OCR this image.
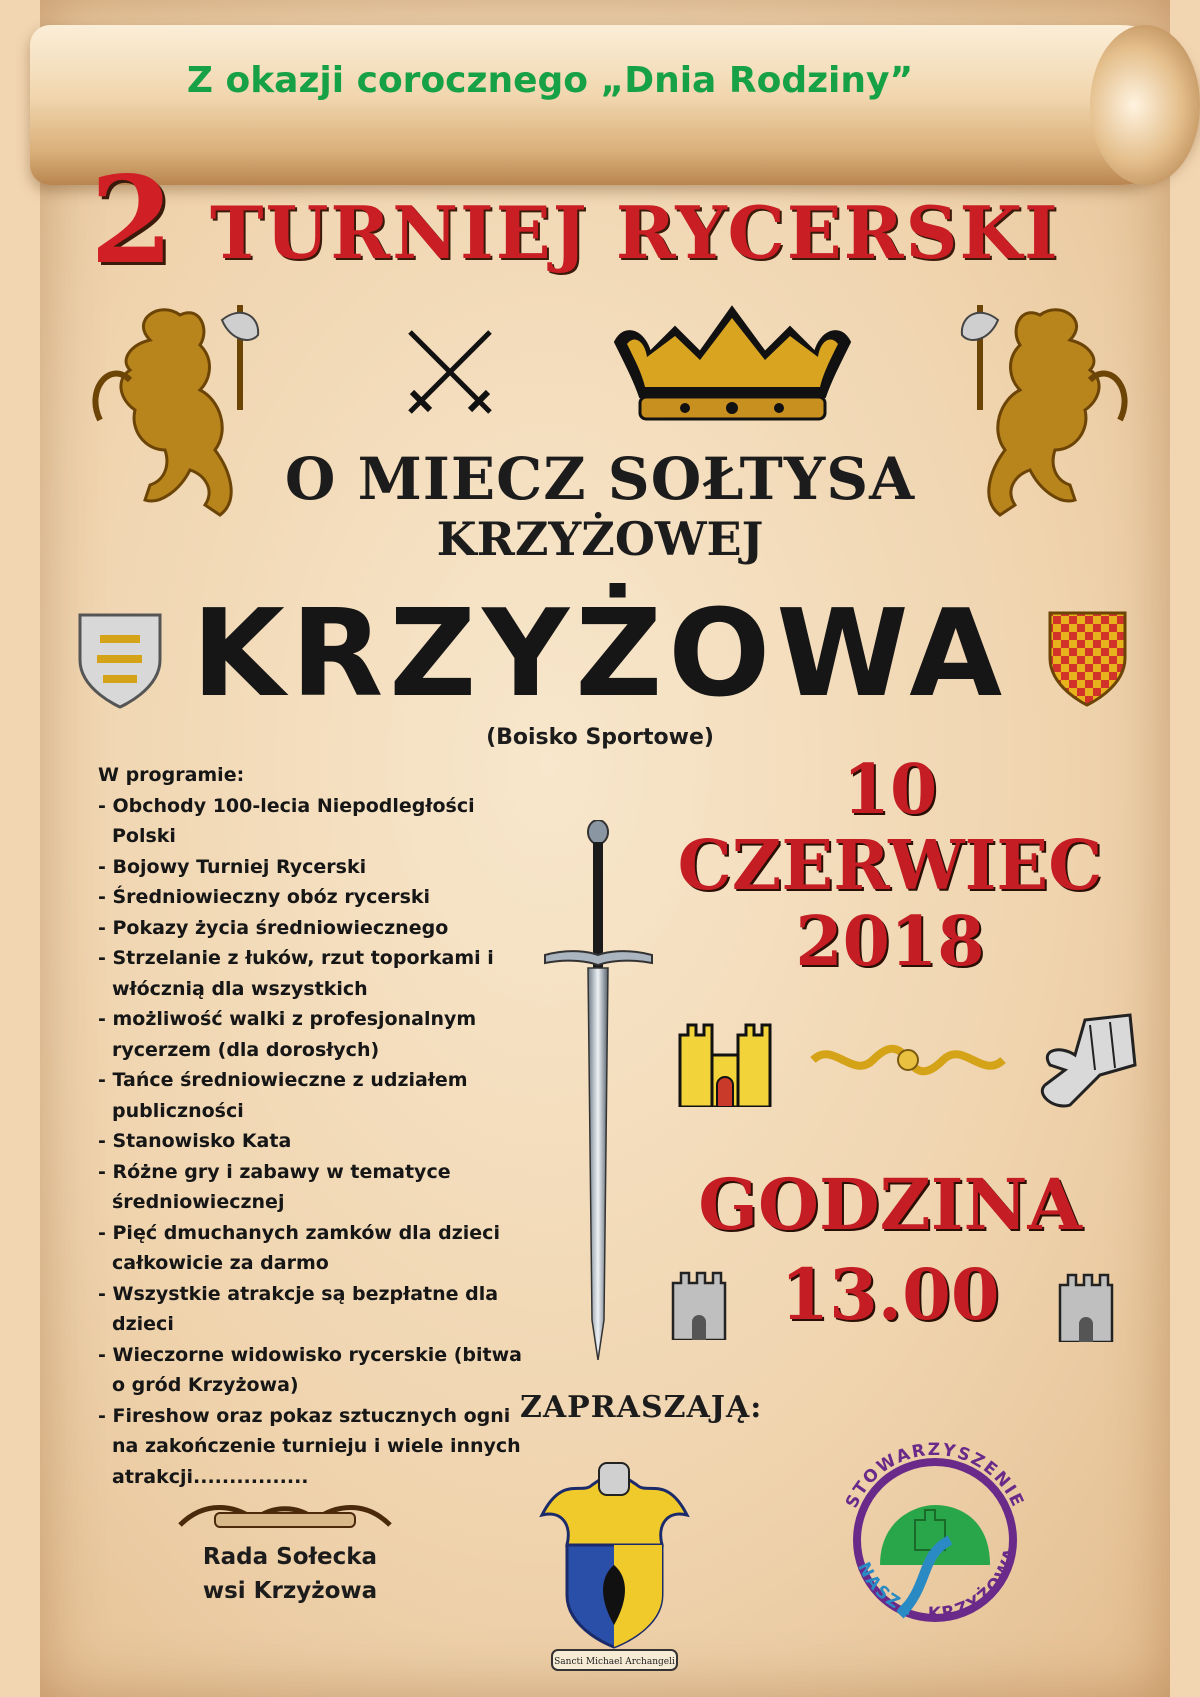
Z okazji corocznego „Dnia Rodziny”
2 TURNIEJ RYCERSKI
O MIECZ SOŁTYSA
KRZYŻOWEJ
KRZYŻOWA
(Boisko Sportowe)
W programie:
- Obchody 100-lecia Niepodległości Polski
- Bojowy Turniej Rycerski
- Średniowieczny obóz rycerski
- Pokazy życia średniowiecznego
- Strzelanie z łuków, rzut toporkami i włócznią dla wszystkich
- możliwość walki z profesjonalnym rycerzem (dla dorosłych)
- Tańce średniowieczne z udziałem publiczności
- Stanowisko Kata
- Różne gry i zabawy w tematyce średniowiecznej
- Pięć dmuchanych zamków dla dzieci całkowicie za darmo
- Wszystkie atrakcje są bezpłatne dla dzieci
- Wieczorne widowisko rycerskie (bitwa o gród Krzyżowa)
- Fireshow oraz pokaz sztucznych ogni na zakończenie turnieju i wiele innych atrakcji................
10
CZERWIEC
2018
GODZINA
13.00
ZAPRASZAJĄ:
Rada Sołecka
wsi Krzyżowa
Sancti Michael Archangeli
STOWARZYSZENIE
NASZA KRZYŻOWA
